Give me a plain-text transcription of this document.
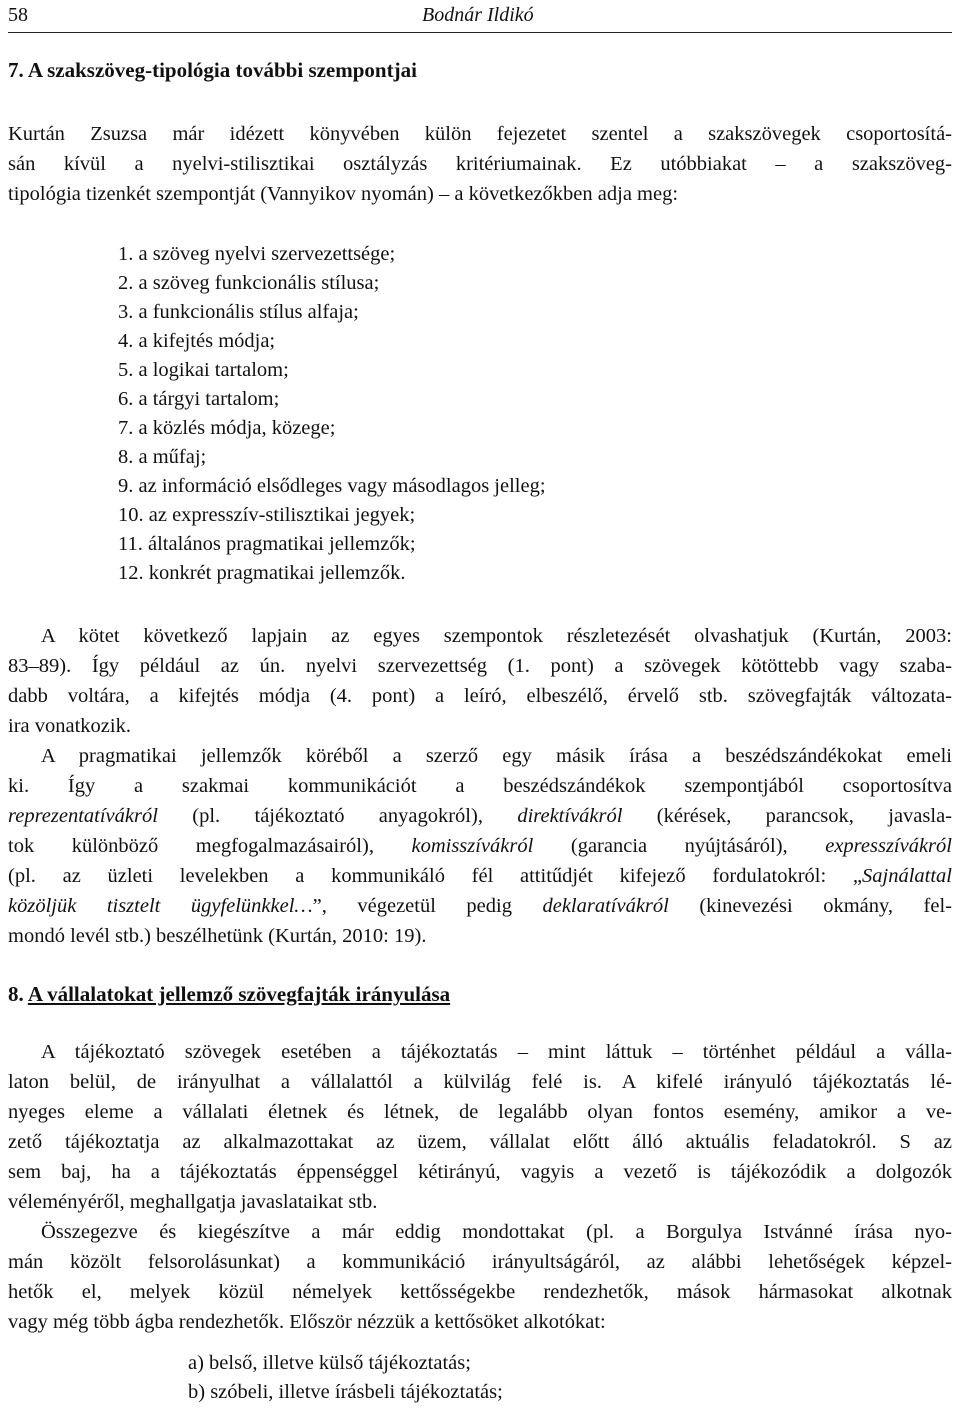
58	Bodnár Ildikó
7. A szakszöveg-tipológia további szempontjai
Kurtán Zsuzsa már idézett könyvében külön fejezetet szentel a szakszövegek csoportosítá-
sán kívül a nyelvi-stilisztikai osztályzás kritériumainak. Ez utóbbiakat – a szakszöveg-
tipológia tizenkét szempontját (Vannyikov nyomán) – a következőkben adja meg:
1. a szöveg nyelvi szervezettsége;
2. a szöveg funkcionális stílusa;
3. a funkcionális stílus alfaja;
4. a kifejtés módja;
5. a logikai tartalom;
6. a tárgyi tartalom;
7. a közlés módja, közege;
8. a műfaj;
9. az információ elsődleges vagy másodlagos jelleg;
10. az expresszív-stilisztikai jegyek;
11. általános pragmatikai jellemzők;
12. konkrét pragmatikai jellemzők.
A kötet következő lapjain az egyes szempontok részletezését olvashatjuk (Kurtán, 2003:
83–89). Így például az ún. nyelvi szervezettség (1. pont) a szövegek kötöttebb vagy szaba-
dabb voltára, a kifejtés módja (4. pont) a leíró, elbeszélő, érvelő stb. szövegfajták változata-
ira vonatkozik.
A pragmatikai jellemzők köréből a szerző egy másik írása a beszédszándékokat emeli
ki. Így a szakmai kommunikációt a beszédszándékok szempontjából csoportosítva
reprezentatívákról (pl. tájékoztató anyagokról), direktívákról (kérések, parancsok, javasla-
tok különböző megfogalmazásairól), komisszívákról (garancia nyújtásáról), expresszívákról
(pl. az üzleti levelekben a kommunikáló fél attitűdjét kifejező fordulatokról: „Sajnálattal
közöljük tisztelt ügyfelünkkel…”, végezetül pedig deklaratívákról (kinevezési okmány, fel-
mondó levél stb.) beszélhetünk (Kurtán, 2010: 19).
8. A vállalatokat jellemző szövegfajták irányulása
A tájékoztató szövegek esetében a tájékoztatás – mint láttuk – történhet például a válla-
laton belül, de irányulhat a vállalattól a külvilág felé is. A kifelé irányuló tájékoztatás lé-
nyeges eleme a vállalati életnek és létnek, de legalább olyan fontos esemény, amikor a ve-
zető tájékoztatja az alkalmazottakat az üzem, vállalat előtt álló aktuális feladatokról. S az
sem baj, ha a tájékoztatás éppenséggel kétirányú, vagyis a vezető is tájékozódik a dolgozók
véleményéről, meghallgatja javaslataikat stb.
Összegezve és kiegészítve a már eddig mondottakat (pl. a Borgulya Istvánné írása nyo-
mán közölt felsorolásunkat) a kommunikáció irányultságáról, az alábbi lehetőségek képzel-
hetők el, melyek közül némelyek kettősségekbe rendezhetők, mások hármasokat alkotnak
vagy még több ágba rendezhetők. Először nézzük a kettősöket alkotókat:
a) belső, illetve külső tájékoztatás;
b) szóbeli, illetve írásbeli tájékoztatás;
